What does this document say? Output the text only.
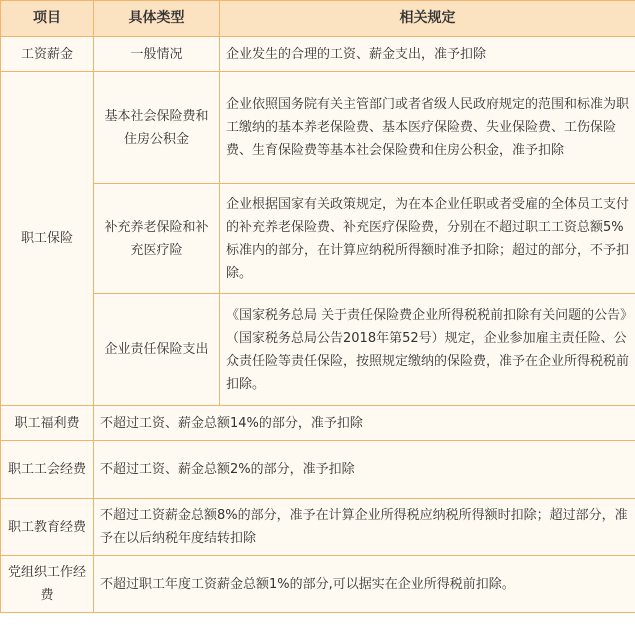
项目	具体类型	相关规定
工资薪金	一般情况	企业发生的合理的工资、薪金支出，准予扣除
职工保险	基本社会保险费和住房公积金	企业依照国务院有关主管部门或者省级人民政府规定的范围和标准为职工缴纳的基本养老保险费、基本医疗保险费、失业保险费、工伤保险费、生育保险费等基本社会保险费和住房公积金，准予扣除
	补充养老保险和补充医疗险	企业根据国家有关政策规定，为在本企业任职或者受雇的全体员工支付的补充养老保险费、补充医疗保险费，分别在不超过职工工资总额5%标准内的部分，在计算应纳税所得额时准予扣除；超过的部分，不予扣除。
	企业责任保险支出	《国家税务总局 关于责任保险费企业所得税税前扣除有关问题的公告》（国家税务总局公告2018年第52号）规定，企业参加雇主责任险、公众责任险等责任保险，按照规定缴纳的保险费，准予在企业所得税税前扣除。
职工福利费	不超过工资、薪金总额14%的部分，准予扣除	
职工工会经费	不超过工资、薪金总额2%的部分，准予扣除	
职工教育经费	不超过工资薪金总额8%的部分，准予在计算企业所得税应纳税所得额时扣除；超过部分，准予在以后纳税年度结转扣除	
党组织工作经费	不超过职工年度工资薪金总额1%的部分,可以据实在企业所得税前扣除。	
